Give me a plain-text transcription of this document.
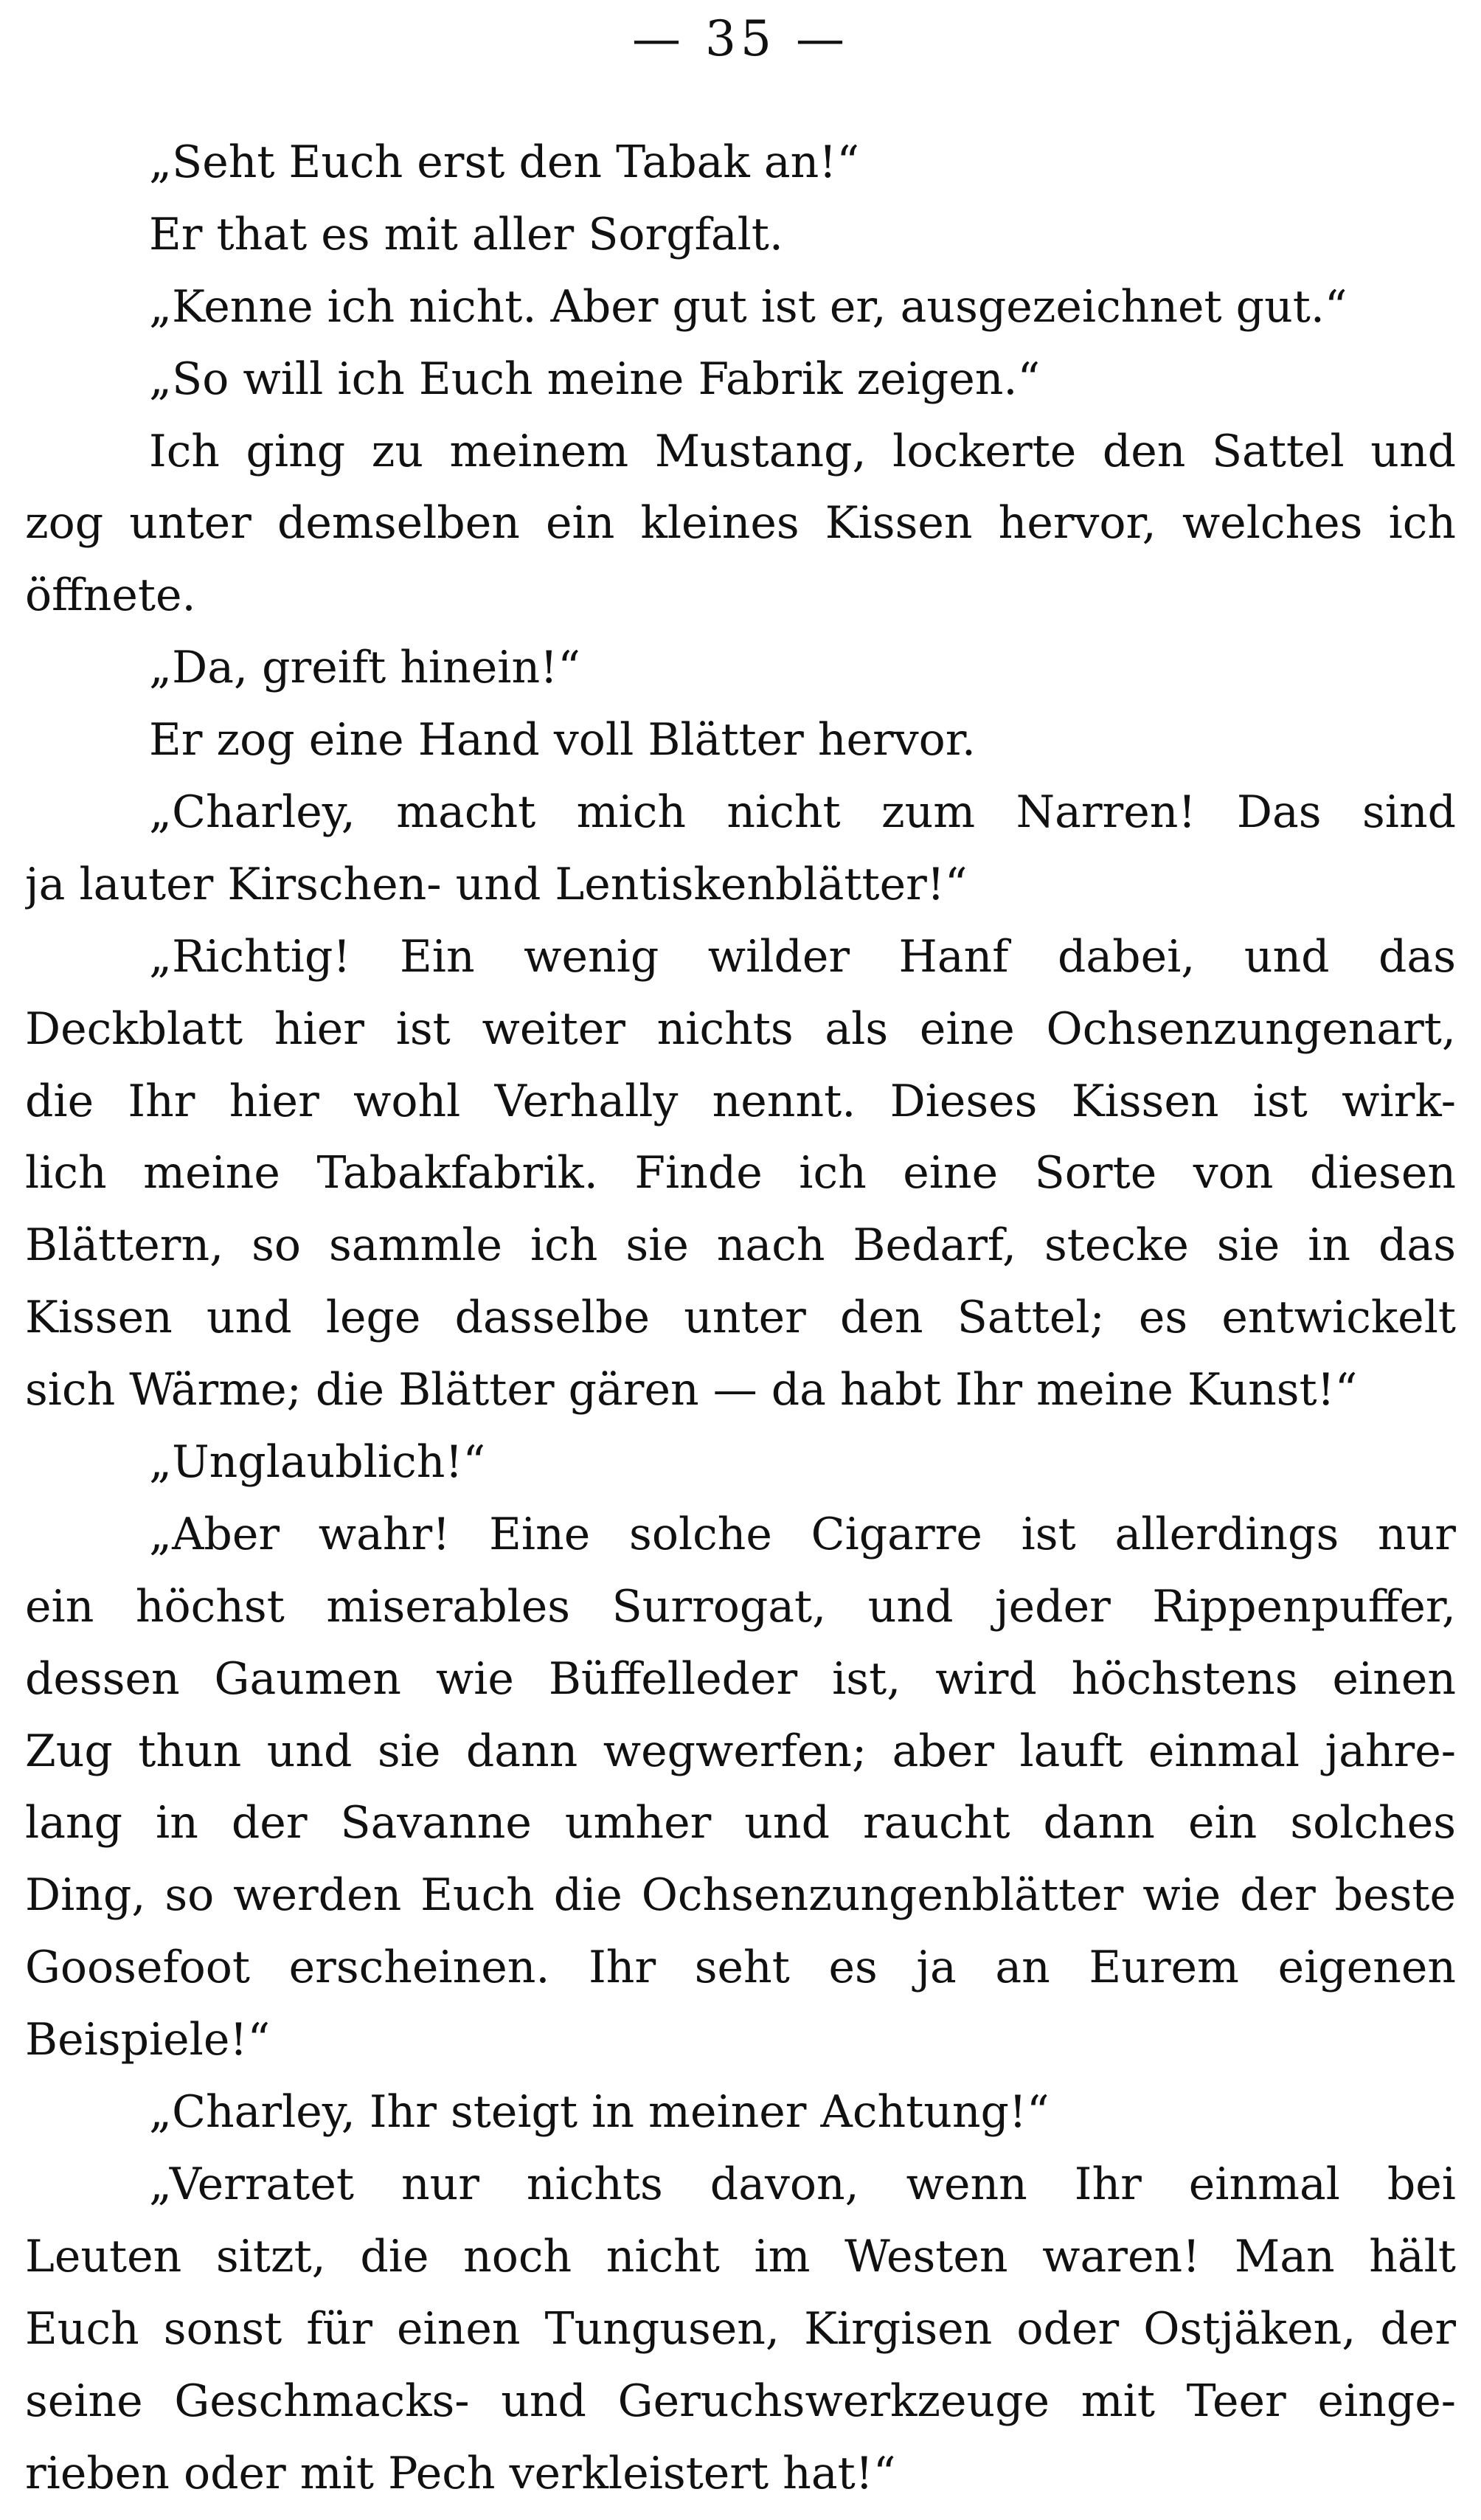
— 35 —
„Seht Euch erst den Tabak an!“
Er that es mit aller Sorgfalt.
„Kenne ich nicht. Aber gut ist er, ausgezeichnet gut.“
„So will ich Euch meine Fabrik zeigen.“
Ich ging zu meinem Mustang, lockerte den Sattel und
zog unter demselben ein kleines Kissen hervor, welches ich
öffnete.
„Da, greift hinein!“
Er zog eine Hand voll Blätter hervor.
„Charley, macht mich nicht zum Narren! Das sind
ja lauter Kirschen- und Lentiskenblätter!“
„Richtig! Ein wenig wilder Hanf dabei, und das
Deckblatt hier ist weiter nichts als eine Ochsenzungenart,
die Ihr hier wohl Verhally nennt. Dieses Kissen ist wirk-
lich meine Tabakfabrik. Finde ich eine Sorte von diesen
Blättern, so sammle ich sie nach Bedarf, stecke sie in das
Kissen und lege dasselbe unter den Sattel; es entwickelt
sich Wärme; die Blätter gären — da habt Ihr meine Kunst!“
„Unglaublich!“
„Aber wahr! Eine solche Cigarre ist allerdings nur
ein höchst miserables Surrogat, und jeder Rippenpuffer,
dessen Gaumen wie Büffelleder ist, wird höchstens einen
Zug thun und sie dann wegwerfen; aber lauft einmal jahre-
lang in der Savanne umher und raucht dann ein solches
Ding, so werden Euch die Ochsenzungenblätter wie der beste
Goosefoot erscheinen. Ihr seht es ja an Eurem eigenen
Beispiele!“
„Charley, Ihr steigt in meiner Achtung!“
„Verratet nur nichts davon, wenn Ihr einmal bei
Leuten sitzt, die noch nicht im Westen waren! Man hält
Euch sonst für einen Tungusen, Kirgisen oder Ostjäken, der
seine Geschmacks- und Geruchswerkzeuge mit Teer einge-
rieben oder mit Pech verkleistert hat!“
